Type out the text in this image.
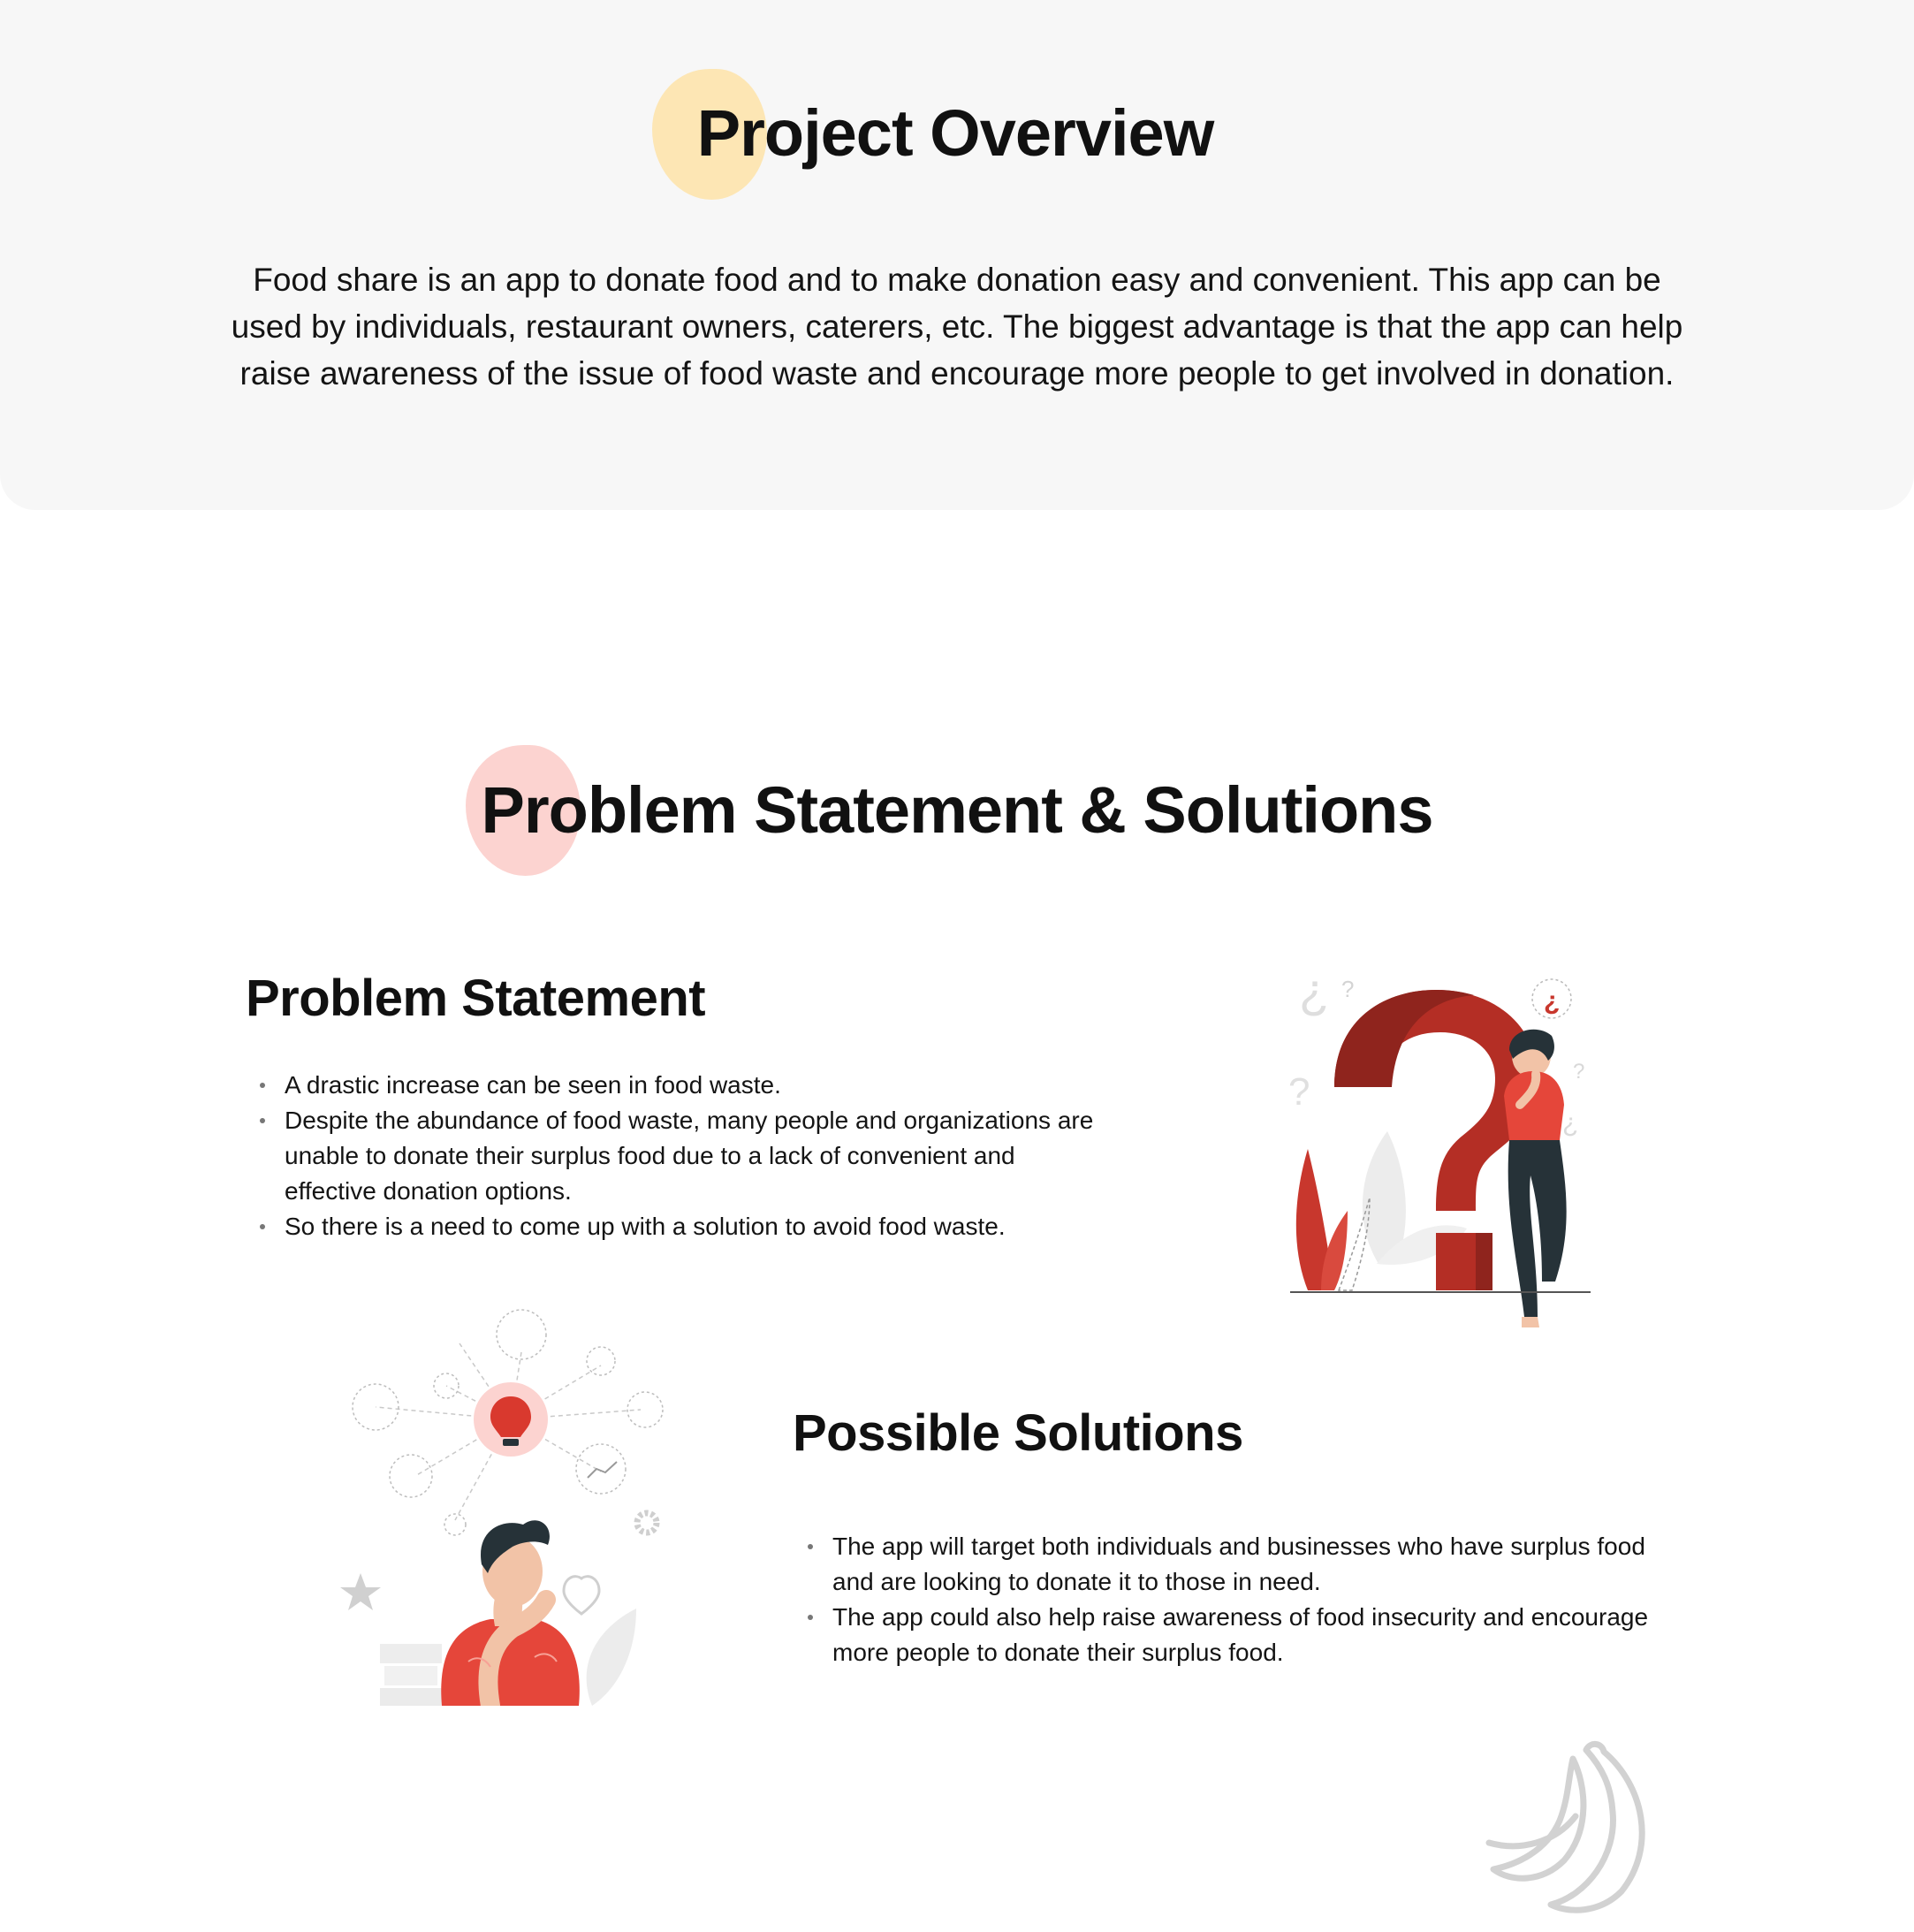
Project Overview

Food share is an app to donate food and to make donation easy and convenient. This app can be used by individuals, restaurant owners, caterers, etc. The biggest advantage is that the app can help raise awareness of the issue of food waste and encourage more people to get involved in donation.

Problem Statement & Solutions
Problem Statement
A drastic increase can be seen in food waste.
Despite the abundance of food waste, many people and organizations are unable to donate their surplus food due to a lack of convenient and effective donation options.
So there is a need to come up with a solution to avoid food waste.
¿ ?
?	?
¿
¿
Possible Solutions
The app will target both individuals and businesses who have surplus food and are looking to donate it to those in need.
The app could also help raise awareness of food insecurity and encourage more people to donate their surplus food.
